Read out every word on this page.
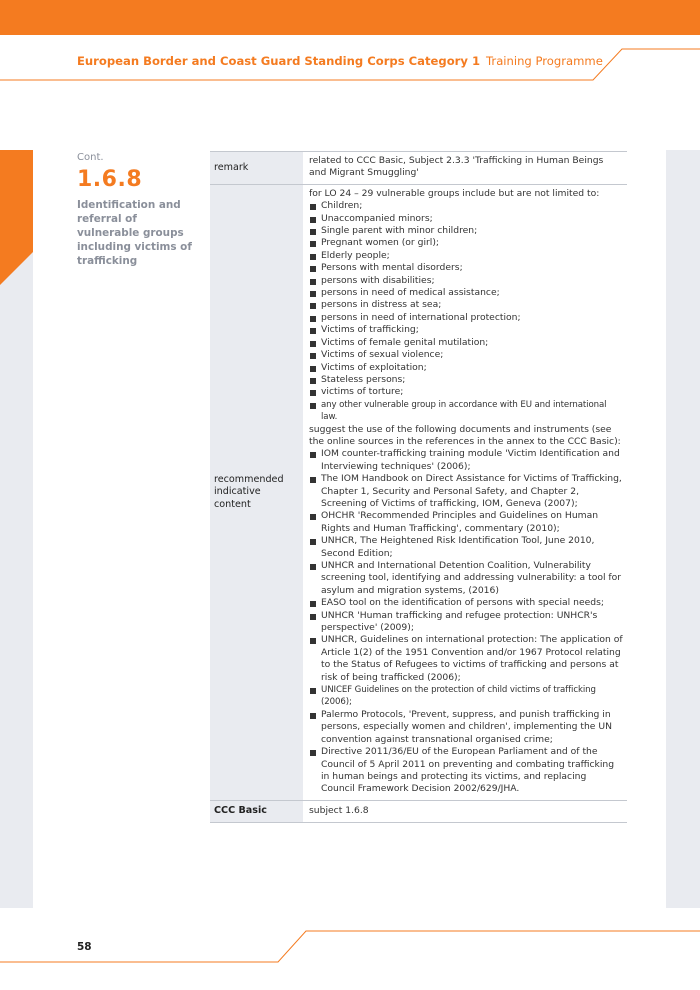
European Border and Coast Guard Standing Corps Category 1 Training Programme
Cont.
1.6.8
Identification and referral of vulnerable groups including victims of trafficking
remark
related to CCC Basic, Subject 2.3.3 'Trafficking in Human Beings and Migrant Smuggling'
recommended indicative content
for LO 24 – 29 vulnerable groups include but are not limited to:
Children;
Unaccompanied minors;
Single parent with minor children;
Pregnant women (or girl);
Elderly people;
Persons with mental disorders;
persons with disabilities;
persons in need of medical assistance;
persons in distress at sea;
persons in need of international protection;
Victims of trafficking;
Victims of female genital mutilation;
Victims of sexual violence;
Victims of exploitation;
Stateless persons;
victims of torture;
any other vulnerable group in accordance with EU and international law.
suggest the use of the following documents and instruments (see the online sources in the references in the annex to the CCC Basic):
IOM counter-trafficking training module 'Victim Identification and Interviewing techniques' (2006);
The IOM Handbook on Direct Assistance for Victims of Trafficking, Chapter 1, Security and Personal Safety, and Chapter 2, Screening of Victims of trafficking, IOM, Geneva (2007);
OHCHR 'Recommended Principles and Guidelines on Human Rights and Human Trafficking', commentary (2010);
UNHCR, The Heightened Risk Identification Tool, June 2010, Second Edition;
UNHCR and International Detention Coalition, Vulnerability screening tool, identifying and addressing vulnerability: a tool for asylum and migration systems, (2016)
EASO tool on the identification of persons with special needs;
UNHCR 'Human trafficking and refugee protection: UNHCR's perspective' (2009);
UNHCR, Guidelines on international protection: The application of Article 1(2) of the 1951 Convention and/or 1967 Protocol relating to the Status of Refugees to victims of trafficking and persons at risk of being trafficked (2006);
UNICEF Guidelines on the protection of child victims of trafficking (2006);
Palermo Protocols, 'Prevent, suppress, and punish trafficking in persons, especially women and children', implementing the UN convention against transnational organised crime;
Directive 2011/36/EU of the European Parliament and of the Council of 5 April 2011 on preventing and combating trafficking in human beings and protecting its victims, and replacing Council Framework Decision 2002/629/JHA.
CCC Basic	subject 1.6.8
58
